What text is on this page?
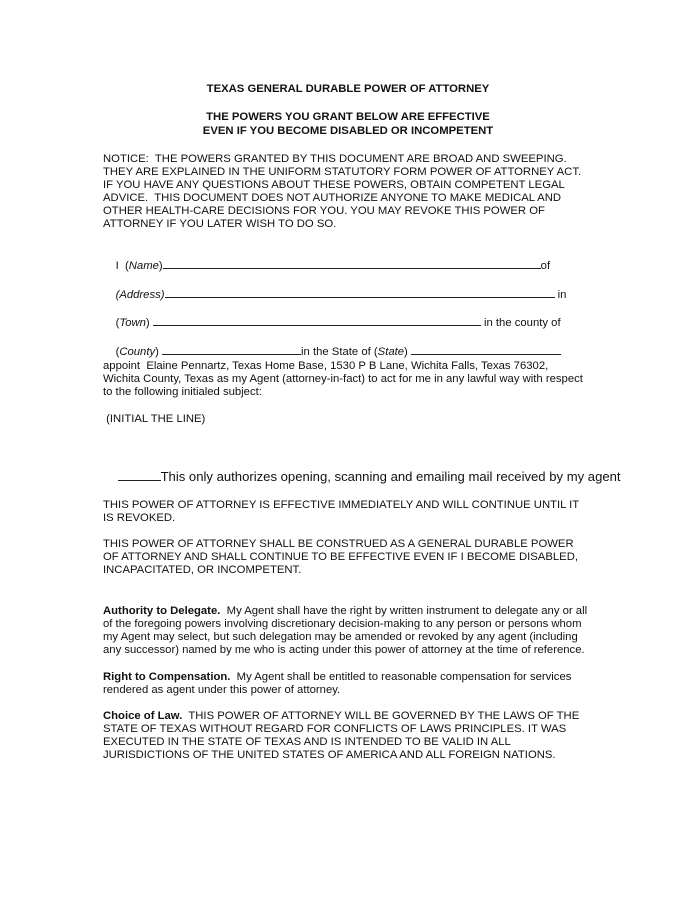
TEXAS GENERAL DURABLE POWER OF ATTORNEY
THE POWERS YOU GRANT BELOW ARE EFFECTIVE
EVEN IF YOU BECOME DISABLED OR INCOMPETENT
NOTICE:  THE POWERS GRANTED BY THIS DOCUMENT ARE BROAD AND SWEEPING.
THEY ARE EXPLAINED IN THE UNIFORM STATUTORY FORM POWER OF ATTORNEY ACT.
IF YOU HAVE ANY QUESTIONS ABOUT THESE POWERS, OBTAIN COMPETENT LEGAL
ADVICE.  THIS DOCUMENT DOES NOT AUTHORIZE ANYONE TO MAKE MEDICAL AND
OTHER HEALTH-CARE DECISIONS FOR YOU. YOU MAY REVOKE THIS POWER OF
ATTORNEY IF YOU LATER WISH TO DO SO.

I  (Name)	of

(Address)	in

(Town)	in the county of

(County)	in the State of (State)

appoint  Elaine Pennartz, Texas Home Base, 1530 P B Lane, Wichita Falls, Texas 76302,
Wichita County, Texas as my Agent (attorney-in-fact) to act for me in any lawful way with respect
to the following initialed subject:
(INITIAL THE LINE)

This only authorizes opening, scanning and emailing mail received by my agent

THIS POWER OF ATTORNEY IS EFFECTIVE IMMEDIATELY AND WILL CONTINUE UNTIL IT
IS REVOKED.
THIS POWER OF ATTORNEY SHALL BE CONSTRUED AS A GENERAL DURABLE POWER
OF ATTORNEY AND SHALL CONTINUE TO BE EFFECTIVE EVEN IF I BECOME DISABLED,
INCAPACITATED, OR INCOMPETENT.
Authority to Delegate.  My Agent shall have the right by written instrument to delegate any or all
of the foregoing powers involving discretionary decision-making to any person or persons whom
my Agent may select, but such delegation may be amended or revoked by any agent (including
any successor) named by me who is acting under this power of attorney at the time of reference.
Right to Compensation.  My Agent shall be entitled to reasonable compensation for services
rendered as agent under this power of attorney.
Choice of Law.  THIS POWER OF ATTORNEY WILL BE GOVERNED BY THE LAWS OF THE
STATE OF TEXAS WITHOUT REGARD FOR CONFLICTS OF LAWS PRINCIPLES. IT WAS
EXECUTED IN THE STATE OF TEXAS AND IS INTENDED TO BE VALID IN ALL
JURISDICTIONS OF THE UNITED STATES OF AMERICA AND ALL FOREIGN NATIONS.
